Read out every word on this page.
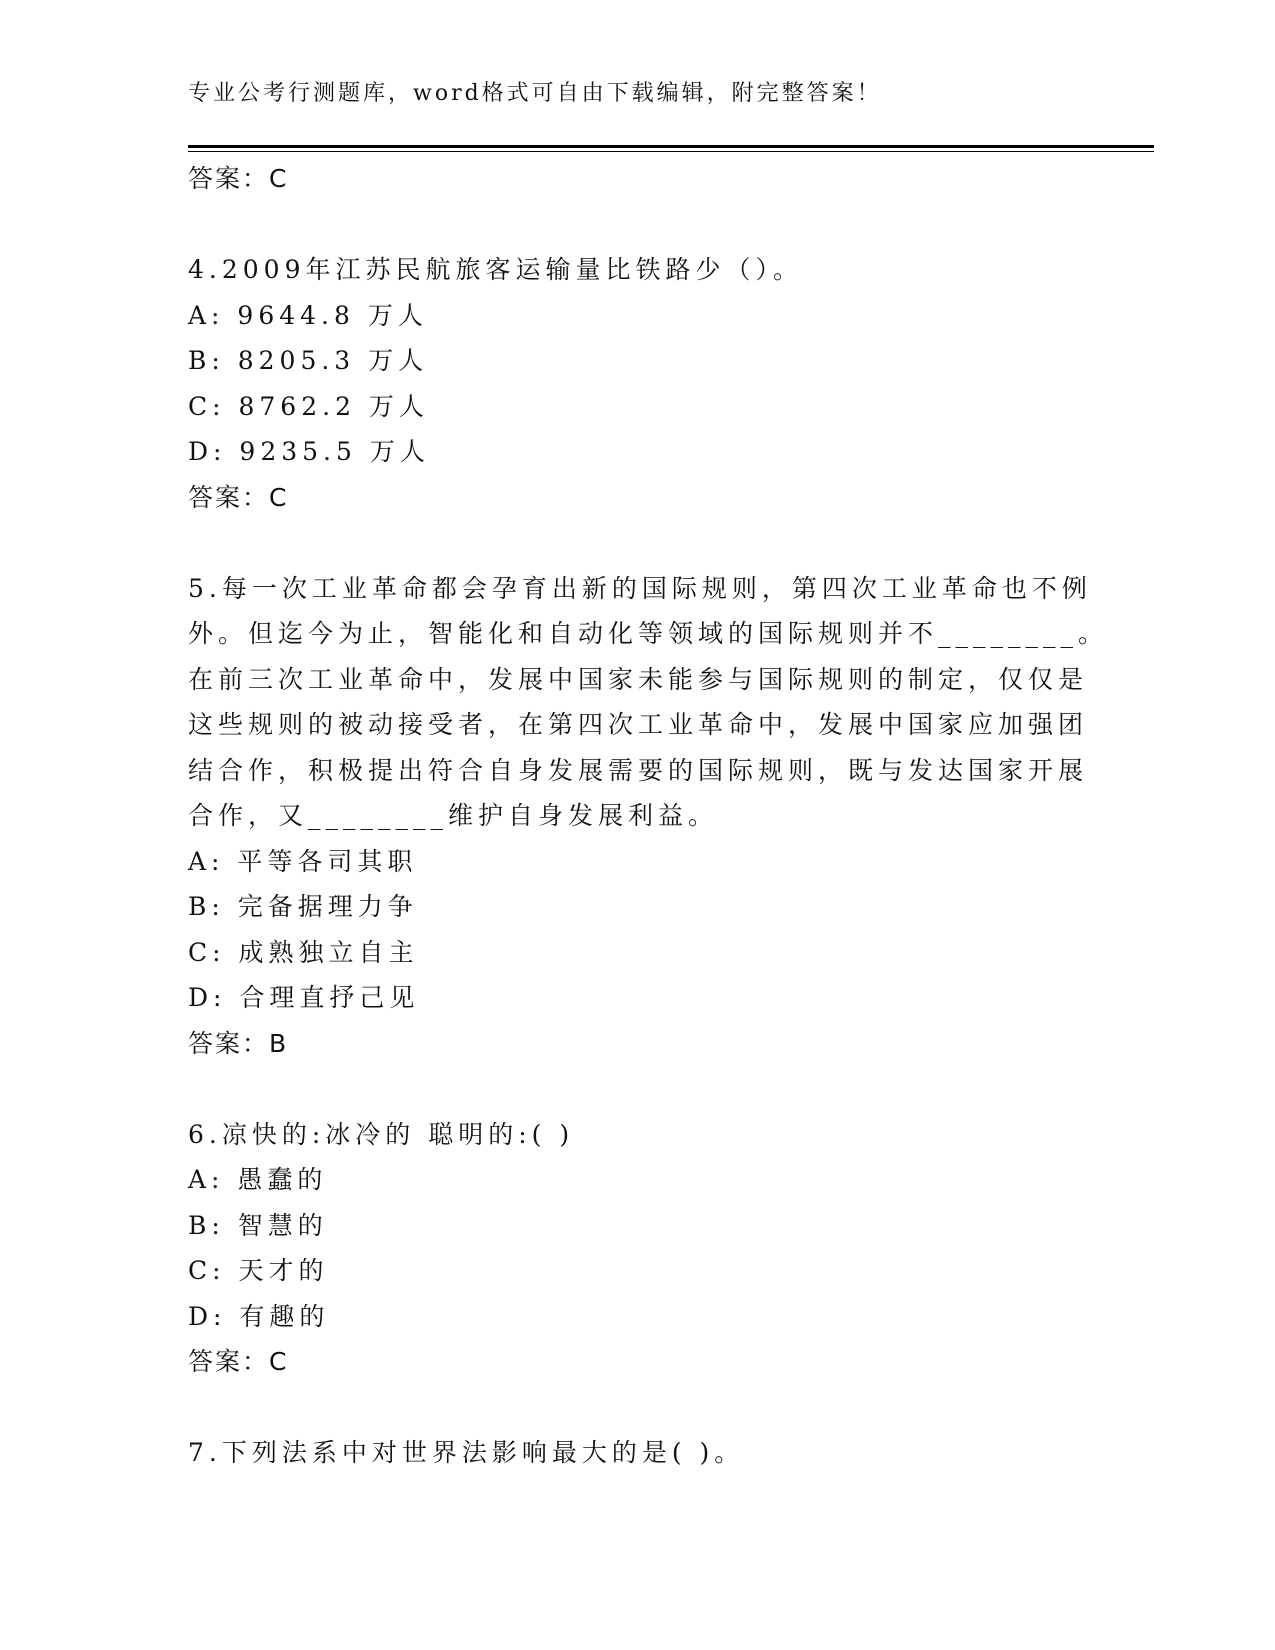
专业公考行测题库，word格式可自由下载编辑，附完整答案！
答案：C
4.2009年江苏民航旅客运输量比铁路少（）。
A: 9644.8 万人
B: 8205.3 万人
C: 8762.2 万人
D: 9235.5 万人
答案：C
5.每一次工业革命都会孕育出新的国际规则，第四次工业革命也不例
外。但迄今为止，智能化和自动化等领域的国际规则并不________。
在前三次工业革命中，发展中国家未能参与国际规则的制定，仅仅是
这些规则的被动接受者，在第四次工业革命中，发展中国家应加强团
结合作，积极提出符合自身发展需要的国际规则，既与发达国家开展
合作，又________维护自身发展利益。
A: 平等各司其职
B: 完备据理力争
C: 成熟独立自主
D: 合理直抒己见
答案：B
6.凉快的:冰冷的 聪明的:( )
A: 愚蠢的
B: 智慧的
C: 天才的
D: 有趣的
答案：C
7.下列法系中对世界法影响最大的是( )。
